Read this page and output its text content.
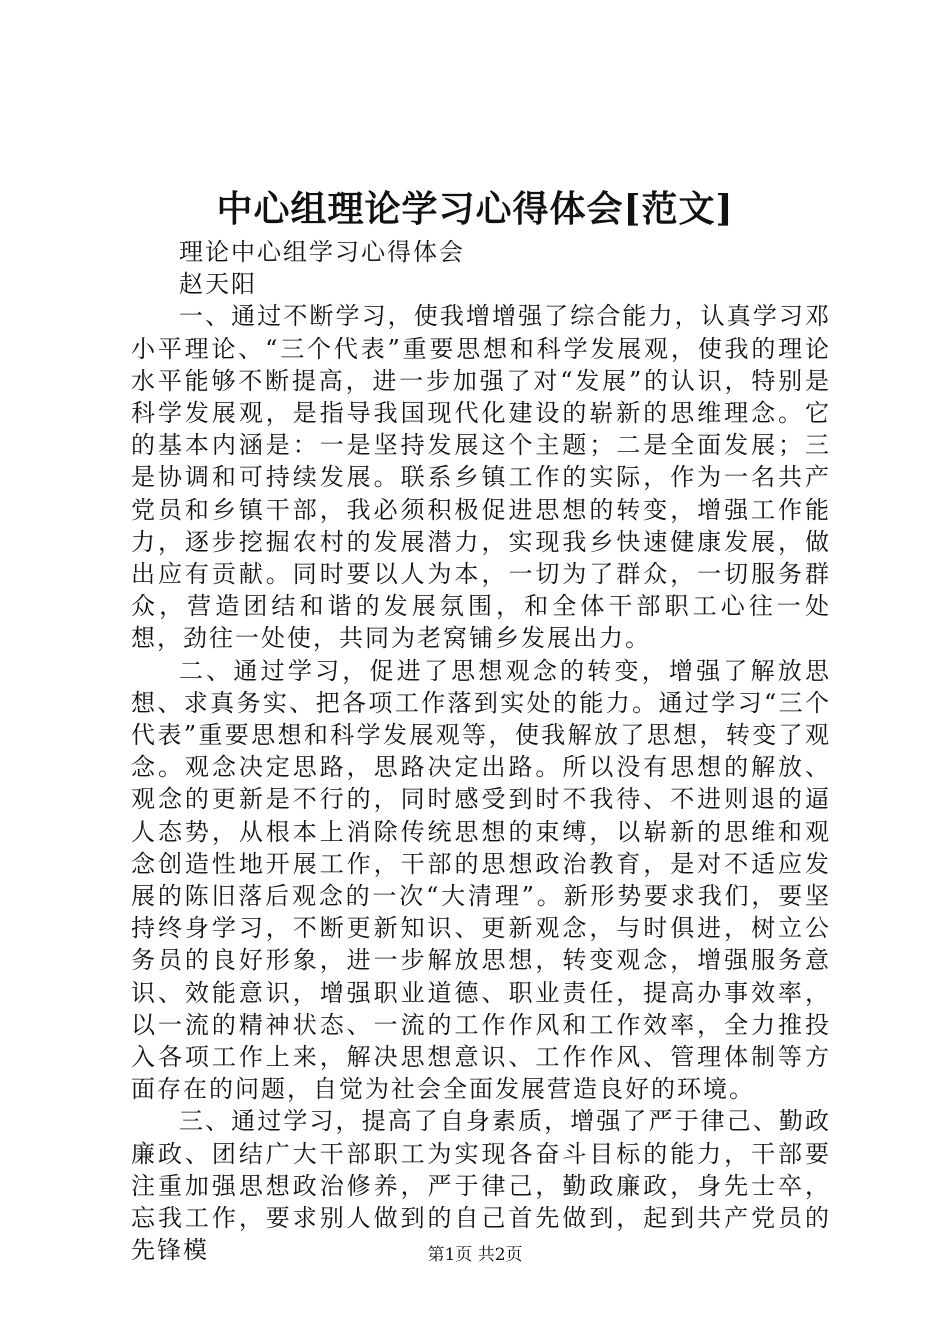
中心组理论学习心得体会[范文]

理论中心组学习心得体会

赵天阳

一、通过不断学习，使我增增强了综合能力，认真学习邓小平理论、“三个代表”重要思想和科学发展观，使我的理论水平能够不断提高，进一步加强了对“发展”的认识，特别是科学发展观，是指导我国现代化建设的崭新的思维理念。它的基本内涵是：一是坚持发展这个主题；二是全面发展；三是协调和可持续发展。联系乡镇工作的实际，作为一名共产党员和乡镇干部，我必须积极促进思想的转变，增强工作能力，逐步挖掘农村的发展潜力，实现我乡快速健康发展，做出应有贡献。同时要以人为本，一切为了群众，一切服务群众，营造团结和谐的发展氛围，和全体干部职工心往一处想，劲往一处使，共同为老窝铺乡发展出力。

二、通过学习，促进了思想观念的转变，增强了解放思想、求真务实、把各项工作落到实处的能力。通过学习“三个代表”重要思想和科学发展观等，使我解放了思想，转变了观念。观念决定思路，思路决定出路。所以没有思想的解放、观念的更新是不行的，同时感受到时不我待、不进则退的逼人态势，从根本上消除传统思想的束缚，以崭新的思维和观念创造性地开展工作，干部的思想政治教育，是对不适应发展的陈旧落后观念的一次“大清理”。新形势要求我们，要坚持终身学习，不断更新知识、更新观念，与时俱进，树立公务员的良好形象，进一步解放思想，转变观念，增强服务意识、效能意识，增强职业道德、职业责任，提高办事效率，以一流的精神状态、一流的工作作风和工作效率，全力推投入各项工作上来，解决思想意识、工作作风、管理体制等方面存在的问题，自觉为社会全面发展营造良好的环境。

三、通过学习，提高了自身素质，增强了严于律己、勤政廉政、团结广大干部职工为实现各奋斗目标的能力，干部要注重加强思想政治修养，严于律己，勤政廉政，身先士卒，忘我工作，要求别人做到的自己首先做到，起到共产党员的先锋模	第1页 共2页
